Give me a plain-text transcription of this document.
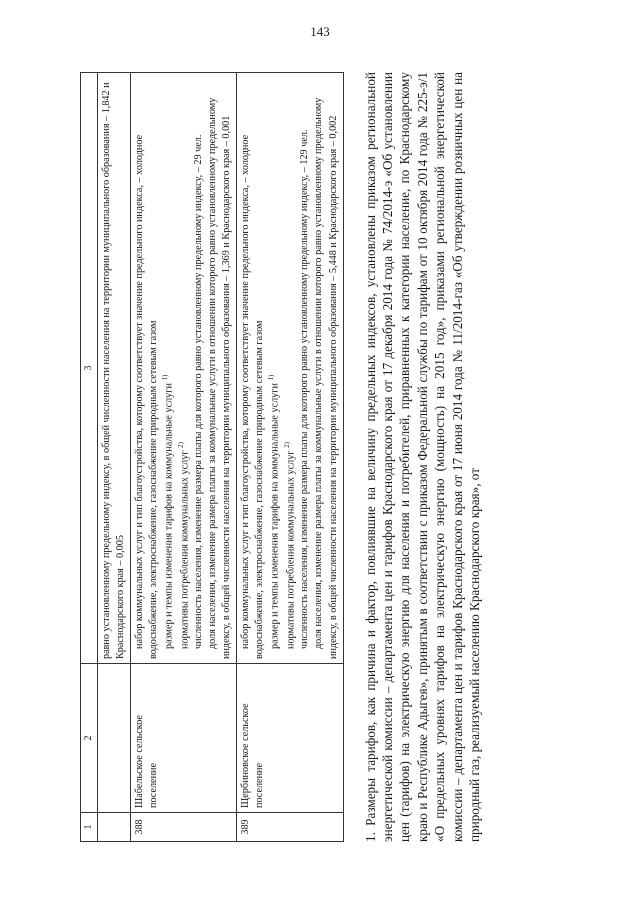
143
1	2	3
		равно установленному предельному индексу, в общей численности населения на территории муниципального образования – 1,842 и Краснодарского края – 0,005
388	Шабельское сельское поселение	набор коммунальных услуг и тип благоустройства, которому соответствует значение предельного индекса, – холодное водоснабжение, электроснабжение, газоснабжение природным сетевым газом размер и темпы изменения тарифов на коммунальные услуги $^{1)}$
нормативы потребления коммунальных услуг $^{2)}$ численность населения, изменение размера платы для которого равно установленному предельному индексу, – 29 чел. доля населения, изменение размера платы за коммунальные услуги в отношении которого равно установленному предельному индексу, в общей численности населения на территории муниципального образования – 1,369 и Краснодарского края – 0,001

389	Щербиновское сельское поселение	набор коммунальных услуг и тип благоустройства, которому соответствует значение предельного индекса, – холодное водоснабжение, электроснабжение, газоснабжение природным сетевым газом размер и темпы изменения тарифов на коммунальные услуги $^{1)}$
нормативы потребления коммунальных услуг $^{2)}$ численность населения, изменение размера платы для которого равно установленному предельному индексу, – 129 чел. доля населения, изменение размера платы за коммунальные услуги в отношении которого равно установленному предельному индексу, в общей численности населения на территории муниципального образования – 5,448 и Краснодарского края – 0,002 1. Размеры тарифов, как причина и фактор, повлиявшие на величину предельных индексов, установлены приказом региональной энергетической комиссии – департамента цен и тарифов Краснодарского края от 17 декабря 2014 года № 74/2014-э «Об установлении цен (тарифов) на электрическую энергию для населения и потребителей, приравненных к категории население, по Краснодарскому краю и Республике Адыгея», принятым в соответствии с приказом Федеральной службы по тарифам от 10 октября 2014 года № 225-э/1 «О предельных уровнях тарифов на электрическую энергию (мощность) на 2015 год», приказами региональной энергетической комиссии – департамента цен и тарифов Краснодарского края от 17 июня 2014 года № 11/2014-газ «Об утверждении розничных цен на природный газ, реализуемый населению Краснодарского края», от
